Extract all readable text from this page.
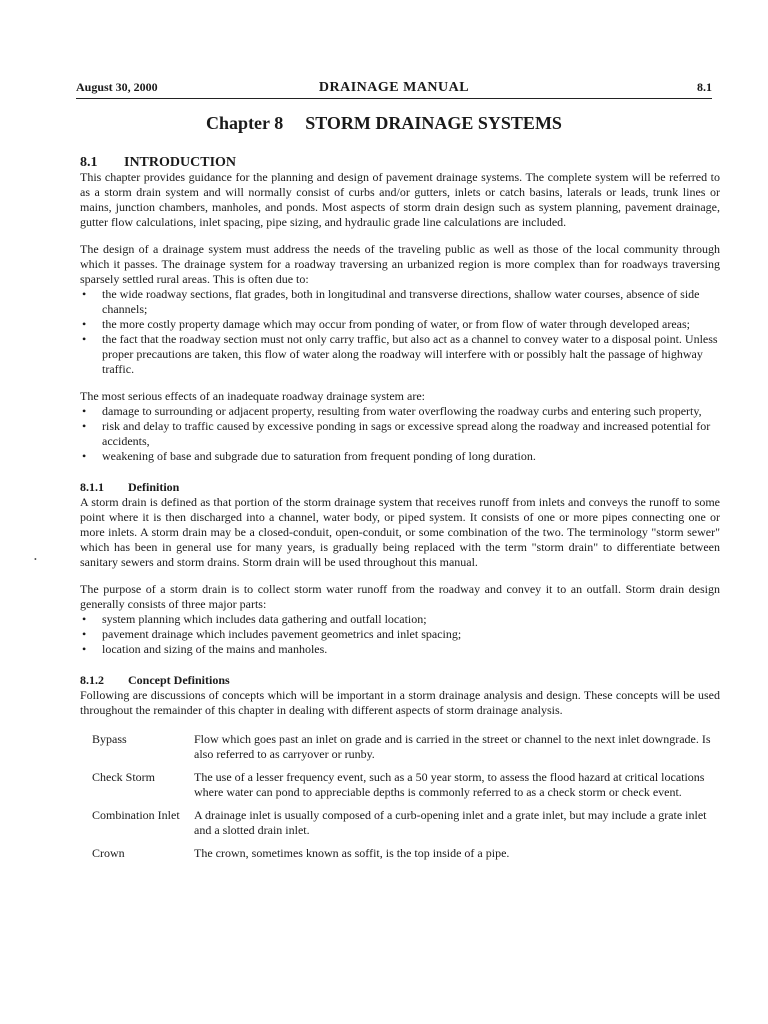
August 30, 2000	DRAINAGE MANUAL	8.1
Chapter 8 STORM DRAINAGE SYSTEMS
•
8.1 INTRODUCTION

This chapter provides guidance for the planning and design of pavement drainage systems. The complete system will be referred to as a storm drain system and will normally consist of curbs and/or gutters, inlets or catch basins, laterals or leads, trunk lines or mains, junction chambers, manholes, and ponds. Most aspects of storm drain design such as system planning, pavement drainage, gutter flow calculations, inlet spacing, pipe sizing, and hydraulic grade line calculations are included.

The design of a drainage system must address the needs of the traveling public as well as those of the local community through which it passes. The drainage system for a roadway traversing an urbanized region is more complex than for roadways traversing sparsely settled rural areas. This is often due to:

• the wide roadway sections, flat grades, both in longitudinal and transverse directions, shallow water courses, absence of side channels;
• the more costly property damage which may occur from ponding of water, or from flow of water through developed areas;
• the fact that the roadway section must not only carry traffic, but also act as a channel to convey water to a disposal point. Unless proper precautions are taken, this flow of water along the roadway will interfere with or possibly halt the passage of highway traffic.

The most serious effects of an inadequate roadway drainage system are:

• damage to surrounding or adjacent property, resulting from water overflowing the roadway curbs and entering such property,
• risk and delay to traffic caused by excessive ponding in sags or excessive spread along the roadway and increased potential for accidents,
• weakening of base and subgrade due to saturation from frequent ponding of long duration.
8.1.1 Definition

A storm drain is defined as that portion of the storm drainage system that receives runoff from inlets and conveys the runoff to some point where it is then discharged into a channel, water body, or piped system. It consists of one or more pipes connecting one or more inlets. A storm drain may be a closed-conduit, open-conduit, or some combination of the two. The terminology "storm sewer" which has been in general use for many years, is gradually being replaced with the term "storm drain" to differentiate between sanitary sewers and storm drains. Storm drain will be used throughout this manual.

The purpose of a storm drain is to collect storm water runoff from the roadway and convey it to an outfall. Storm drain design generally consists of three major parts:

• system planning which includes data gathering and outfall location;
• pavement drainage which includes pavement geometrics and inlet spacing;
• location and sizing of the mains and manholes.
8.1.2 Concept Definitions

Following are discussions of concepts which will be important in a storm drainage analysis and design. These concepts will be used throughout the remainder of this chapter in dealing with different aspects of storm drainage analysis.

Bypass	Flow which goes past an inlet on grade and is carried in the street or channel to the next inlet downgrade. Is also referred to as carryover or runby.
Check Storm	The use of a lesser frequency event, such as a 50 year storm, to assess the flood hazard at critical locations where water can pond to appreciable depths is commonly referred to as a check storm or check event.
Combination Inlet	A drainage inlet is usually composed of a curb-opening inlet and a grate inlet, but may include a grate inlet and a slotted drain inlet.
Crown	The crown, sometimes known as soffit, is the top inside of a pipe.
